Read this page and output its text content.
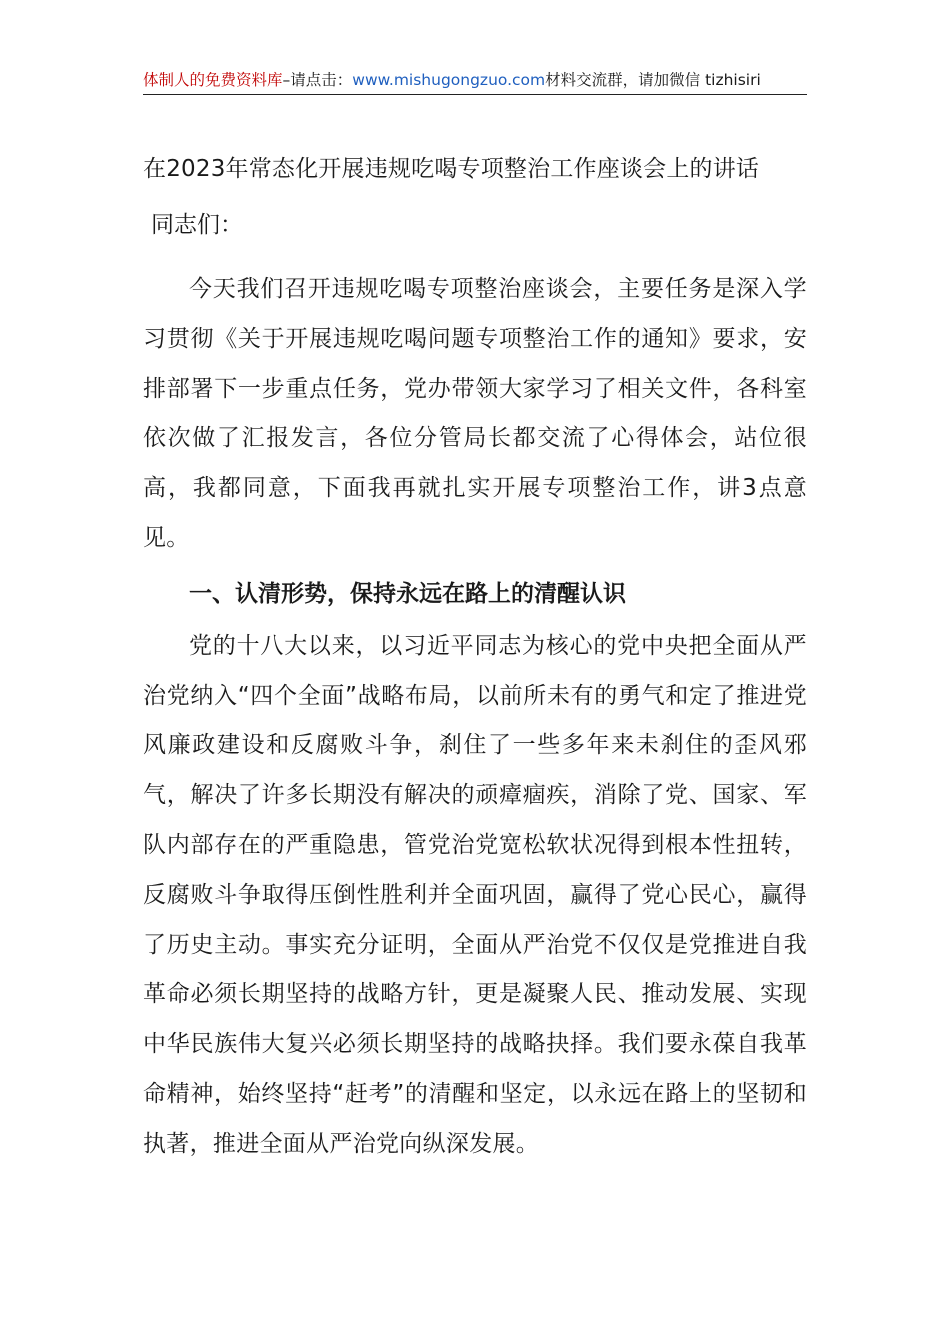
体制人的免费资料库–请点击：www.mishugongzuo.com材料交流群，请加微信 tizhisiri
在2023年常态化开展违规吃喝专项整治工作座谈会上的讲话

同志们：

今天我们召开违规吃喝专项整治座谈会，主要任务是深入学习贯彻《关于开展违规吃喝问题专项整治工作的通知》要求，安排部署下一步重点任务，党办带领大家学习了相关文件，各科室依次做了汇报发言，各位分管局长都交流了心得体会，站位很高，我都同意，下面我再就扎实开展专项整治工作，讲3点意见。

一、认清形势，保持永远在路上的清醒认识

党的十八大以来，以习近平同志为核心的党中央把全面从严治党纳入“四个全面”战略布局，以前所未有的勇气和定了推进党风廉政建设和反腐败斗争，刹住了一些多年来未刹住的歪风邪气，解决了许多长期没有解决的顽瘴痼疾，消除了党、国家、军队内部存在的严重隐患，管党治党宽松软状况得到根本性扭转，反腐败斗争取得压倒性胜利并全面巩固，赢得了党心民心，赢得了历史主动。事实充分证明，全面从严治党不仅仅是党推进自我革命必须长期坚持的战略方针，更是凝聚人民、推动发展、实现中华民族伟大复兴必须长期坚持的战略抉择。我们要永葆自我革命精神，始终坚持“赶考”的清醒和坚定，以永远在路上的坚韧和执著，推进全面从严治党向纵深发展。
